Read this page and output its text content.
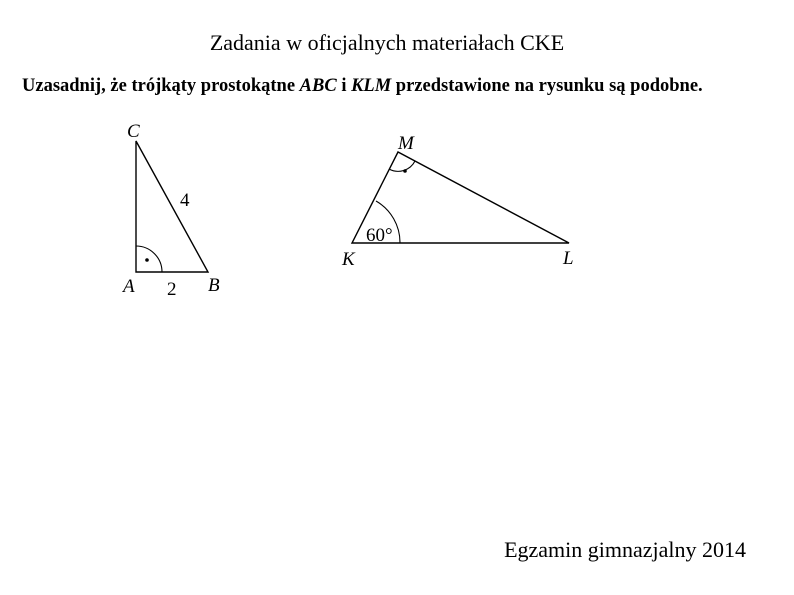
Zadania w oficjalnych materiałach CKE
Uzasadnij, że trójkąty prostokątne ABC i KLM przedstawione na rysunku są podobne.
C
A	B
2
4
M
K	L
60°
Egzamin gimnazjalny 2014
